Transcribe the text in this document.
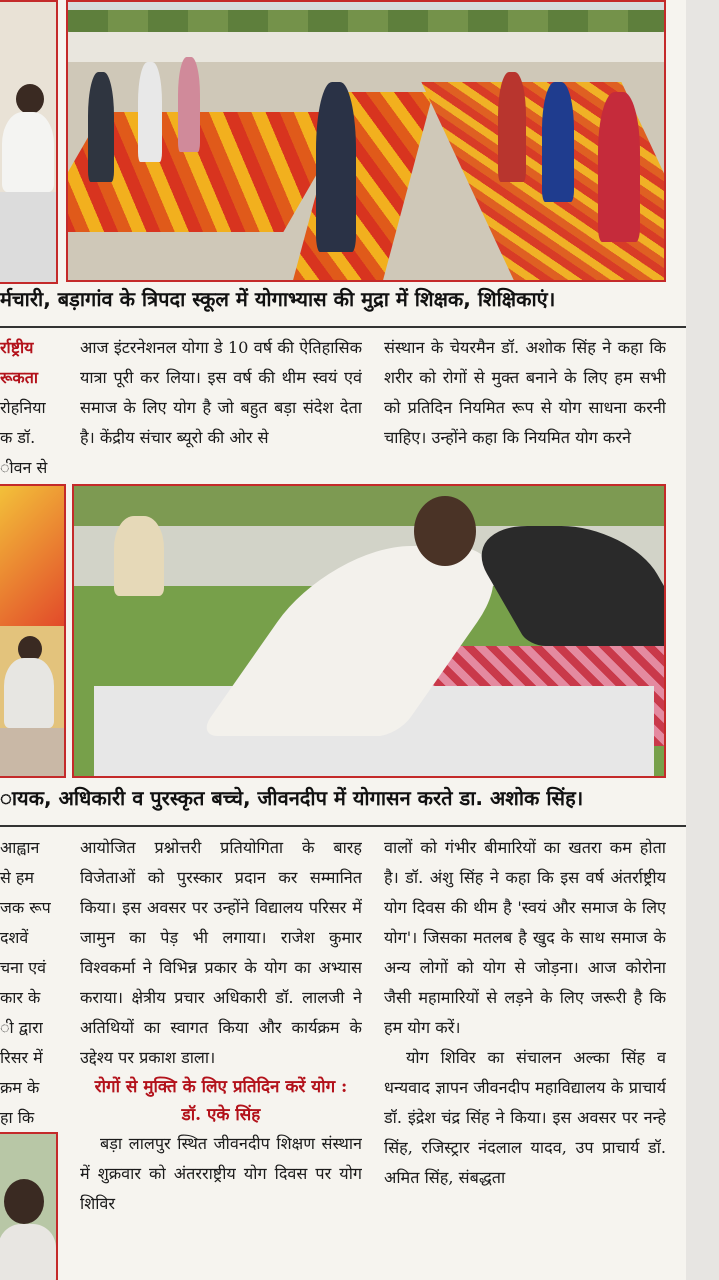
र्मचारी, बड़ागांव के त्रिपदा स्कूल में योगाभ्यास की मुद्रा में शिक्षक, शिक्षिकाएं।
र्राष्ट्रीय
रूकता
रोहनिया
क डॉ.
ीवन से

आज इंटरनेशनल योगा डे 10 वर्ष की ऐतिहासिक यात्रा पूरी कर लिया। इस वर्ष की थीम स्वयं एवं समाज के लिए योग है जो बहुत बड़ा संदेश देता है। केंद्रीय संचार ब्यूरो की ओर से

संस्थान के चेयरमैन डॉ. अशोक सिंह ने कहा कि शरीर को रोगों से मुक्त बनाने के लिए हम सभी को प्रतिदिन नियमित रूप से योग साधना करनी चाहिए। उन्होंने कहा कि नियमित योग करने

ायक, अधिकारी व पुरस्कृत बच्चे, जीवनदीप में योगासन करते डा. अशोक सिंह।
आह्वान
से हम
जक रूप
दशवें
चना एवं
कार के
ी द्वारा
रिसर में
क्रम के
हा कि

आयोजित प्रश्नोत्तरी प्रतियोगिता के बारह विजेताओं को पुरस्कार प्रदान कर सम्मानित किया। इस अवसर पर उन्होंने विद्यालय परिसर में जामुन का पेड़ भी लगाया। राजेश कुमार विश्वकर्मा ने विभिन्न प्रकार के योग का अभ्यास कराया। क्षेत्रीय प्रचार अधिकारी डॉ. लालजी ने अतिथियों का स्वागत किया और कार्यक्रम के उद्देश्य पर प्रकाश डाला।

रोगों से मुक्ति के लिए प्रतिदिन करें योग : डॉ. एके सिंह

बड़ा लालपुर स्थित जीवनदीप शिक्षण संस्थान में शुक्रवार को अंतरराष्ट्रीय योग दिवस पर योग शिविर

वालों को गंभीर बीमारियों का खतरा कम होता है। डॉ. अंशु सिंह ने कहा कि इस वर्ष अंतर्राष्ट्रीय योग दिवस की थीम है 'स्वयं और समाज के लिए योग'। जिसका मतलब है खुद के साथ समाज के अन्य लोगों को योग से जोड़ना। आज कोरोना जैसी महामारियों से लड़ने के लिए जरूरी है कि हम योग करें।

योग शिविर का संचालन अल्का सिंह व धन्यवाद ज्ञापन जीवनदीप महाविद्यालय के प्राचार्य डॉ. इंद्रेश चंद्र सिंह ने किया। इस अवसर पर नन्हे सिंह, रजिस्ट्रार नंदलाल यादव, उप प्राचार्य डॉ. अमित सिंह, संबद्धता
